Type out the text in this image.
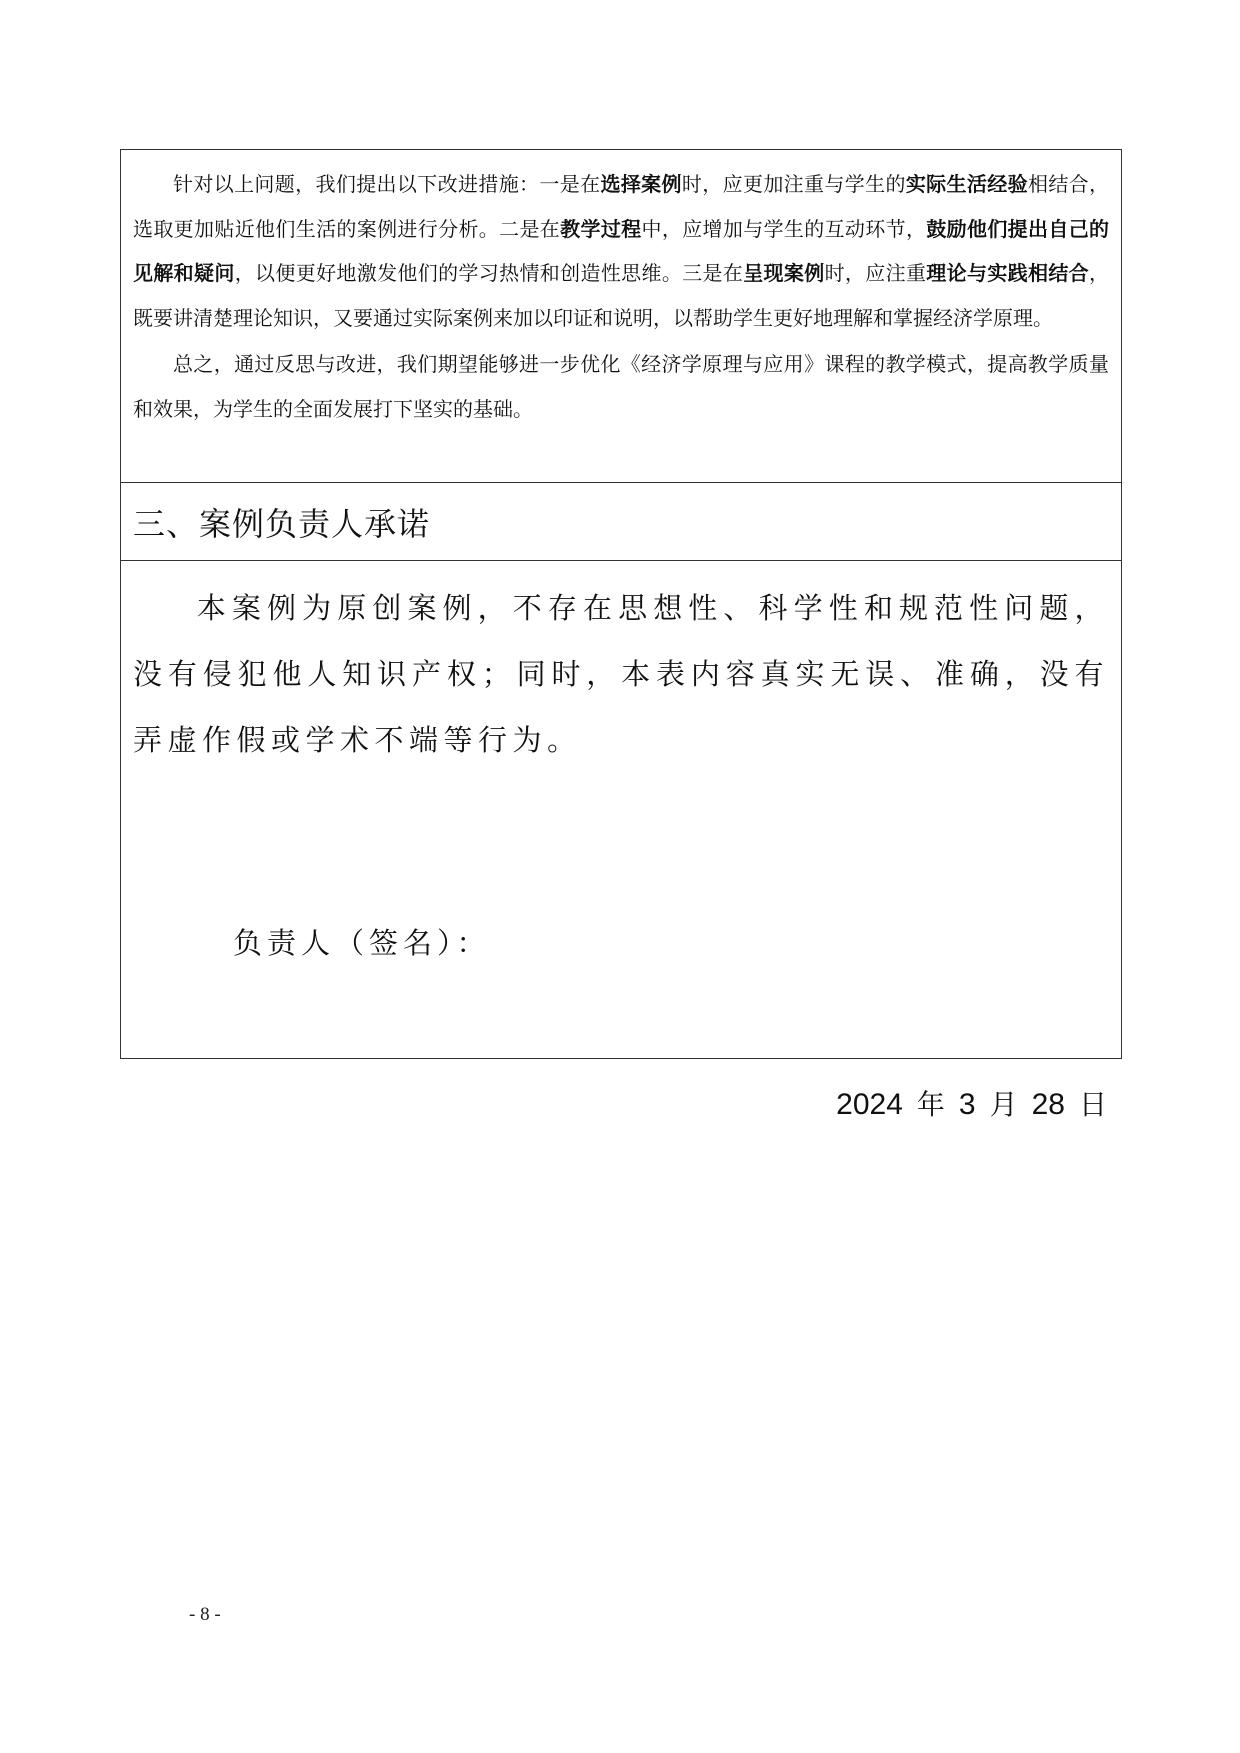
针对以上问题，我们提出以下改进措施：一是在选择案例时，应更加注重与学生的实际生活经验相结合，选取更加贴近他们生活的案例进行分析。二是在教学过程中，应增加与学生的互动环节，鼓励他们提出自己的见解和疑问，以便更好地激发他们的学习热情和创造性思维。三是在呈现案例时，应注重理论与实践相结合，既要讲清楚理论知识，又要通过实际案例来加以印证和说明，以帮助学生更好地理解和掌握经济学原理。

总之，通过反思与改进，我们期望能够进一步优化《经济学原理与应用》课程的教学模式，提高教学质量和效果，为学生的全面发展打下坚实的基础。

三、案例负责人承诺

本案例为原创案例，不存在思想性、科学性和规范性问题，没有侵犯他人知识产权；同时，本表内容真实无误、准确，没有弄虚作假或学术不端等行为。

负责人（签名）：
2024 年 3 月 28 日
- 8 -
